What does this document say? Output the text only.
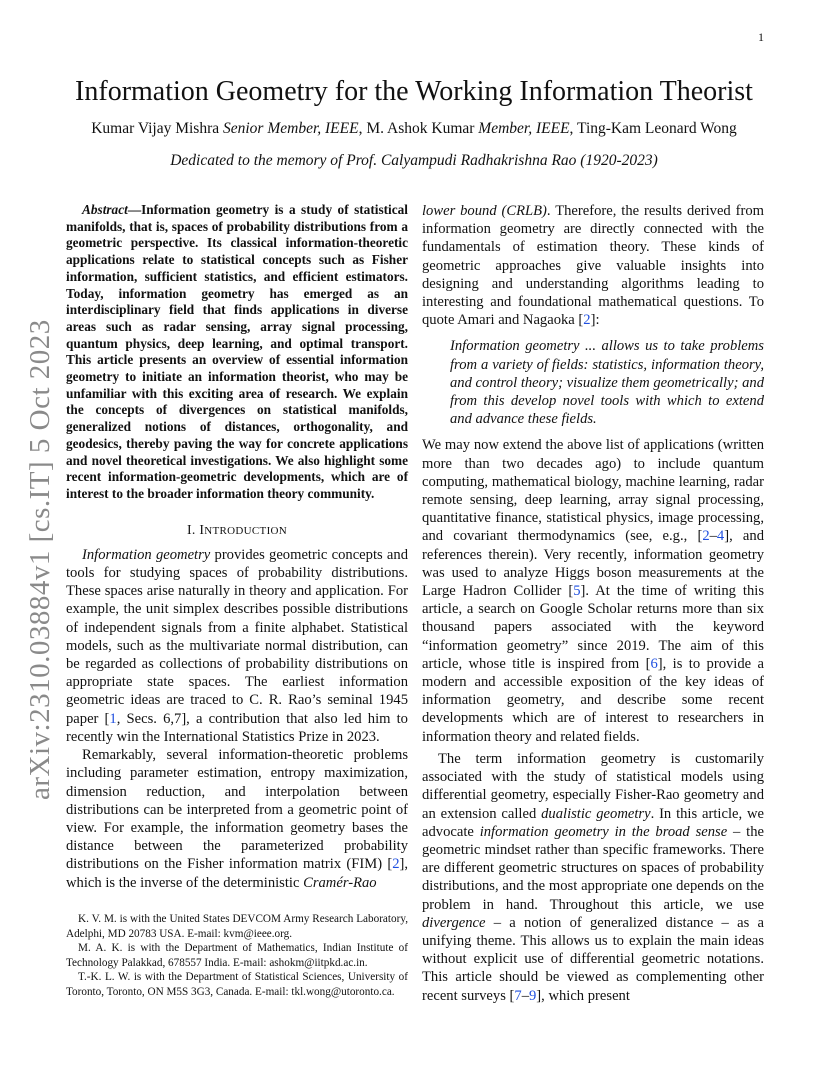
1
arXiv:2310.03884v1 [cs.IT] 5 Oct 2023
Information Geometry for the Working Information Theorist
Kumar Vijay Mishra Senior Member, IEEE, M. Ashok Kumar Member, IEEE, Ting-Kam Leonard Wong
Dedicated to the memory of Prof. Calyampudi Radhakrishna Rao (1920-2023)

Abstract—Information geometry is a study of statistical manifolds, that is, spaces of probability distributions from a geometric perspective. Its classical information-theoretic applications relate to statistical concepts such as Fisher information, sufficient statistics, and efficient estimators. Today, information geometry has emerged as an interdisciplinary field that finds applications in diverse areas such as radar sensing, array signal processing, quantum physics, deep learning, and optimal transport. This article presents an overview of essential information geometry to initiate an information theorist, who may be unfamiliar with this exciting area of research. We explain the concepts of divergences on statistical manifolds, generalized notions of distances, orthogonality, and geodesics, thereby paving the way for concrete applications and novel theoretical investigations. We also highlight some recent information-geometric developments, which are of interest to the broader information theory community.

I. INTRODUCTION

Information geometry provides geometric concepts and tools for studying spaces of probability distributions. These spaces arise naturally in theory and application. For example, the unit simplex describes possible distributions of independent signals from a finite alphabet. Statistical models, such as the multivariate normal distribution, can be regarded as collections of probability distributions on appropriate state spaces. The earliest information geometric ideas are traced to C. R. Rao’s seminal 1945 paper [1, Secs. 6,7], a contribution that also led him to recently win the International Statistics Prize in 2023.

Remarkably, several information-theoretic problems including parameter estimation, entropy maximization, dimension reduction, and interpolation between distributions can be interpreted from a geometric point of view. For example, the information geometry bases the distance between the parameterized probability distributions on the Fisher information matrix (FIM) [2], which is the inverse of the deterministic Cramér-Rao

K. V. M. is with the United States DEVCOM Army Research Laboratory, Adelphi, MD 20783 USA. E-mail: kvm@ieee.org.

M. A. K. is with the Department of Mathematics, Indian Institute of Technology Palakkad, 678557 India. E-mail: ashokm@iitpkd.ac.in.

T.-K. L. W. is with the Department of Statistical Sciences, University of Toronto, Toronto, ON M5S 3G3, Canada. E-mail: tkl.wong@utoronto.ca.

lower bound (CRLB). Therefore, the results derived from information geometry are directly connected with the fundamentals of estimation theory. These kinds of geometric approaches give valuable insights into designing and understanding algorithms leading to interesting and foundational mathematical questions. To quote Amari and Nagaoka [2]:

Information geometry ... allows us to take problems from a variety of fields: statistics, information theory, and control theory; visualize them geometrically; and from this develop novel tools with which to extend and advance these fields.

We may now extend the above list of applications (written more than two decades ago) to include quantum computing, mathematical biology, machine learning, radar remote sensing, deep learning, array signal processing, quantitative finance, statistical physics, image processing, and covariant thermodynamics (see, e.g., [2–4], and references therein). Very recently, information geometry was used to analyze Higgs boson measurements at the Large Hadron Collider [5]. At the time of writing this article, a search on Google Scholar returns more than six thousand papers associated with the keyword “information geometry” since 2019. The aim of this article, whose title is inspired from [6], is to provide a modern and accessible exposition of the key ideas of information geometry, and describe some recent developments which are of interest to researchers in information theory and related fields.

The term information geometry is customarily associated with the study of statistical models using differential geometry, especially Fisher-Rao geometry and an extension called dualistic geometry. In this article, we advocate information geometry in the broad sense – the geometric mindset rather than specific frameworks. There are different geometric structures on spaces of probability distributions, and the most appropriate one depends on the problem in hand. Throughout this article, we use divergence – a notion of generalized distance – as a unifying theme. This allows us to explain the main ideas without explicit use of differential geometric notations. This article should be viewed as complementing other recent surveys [7–9], which present
